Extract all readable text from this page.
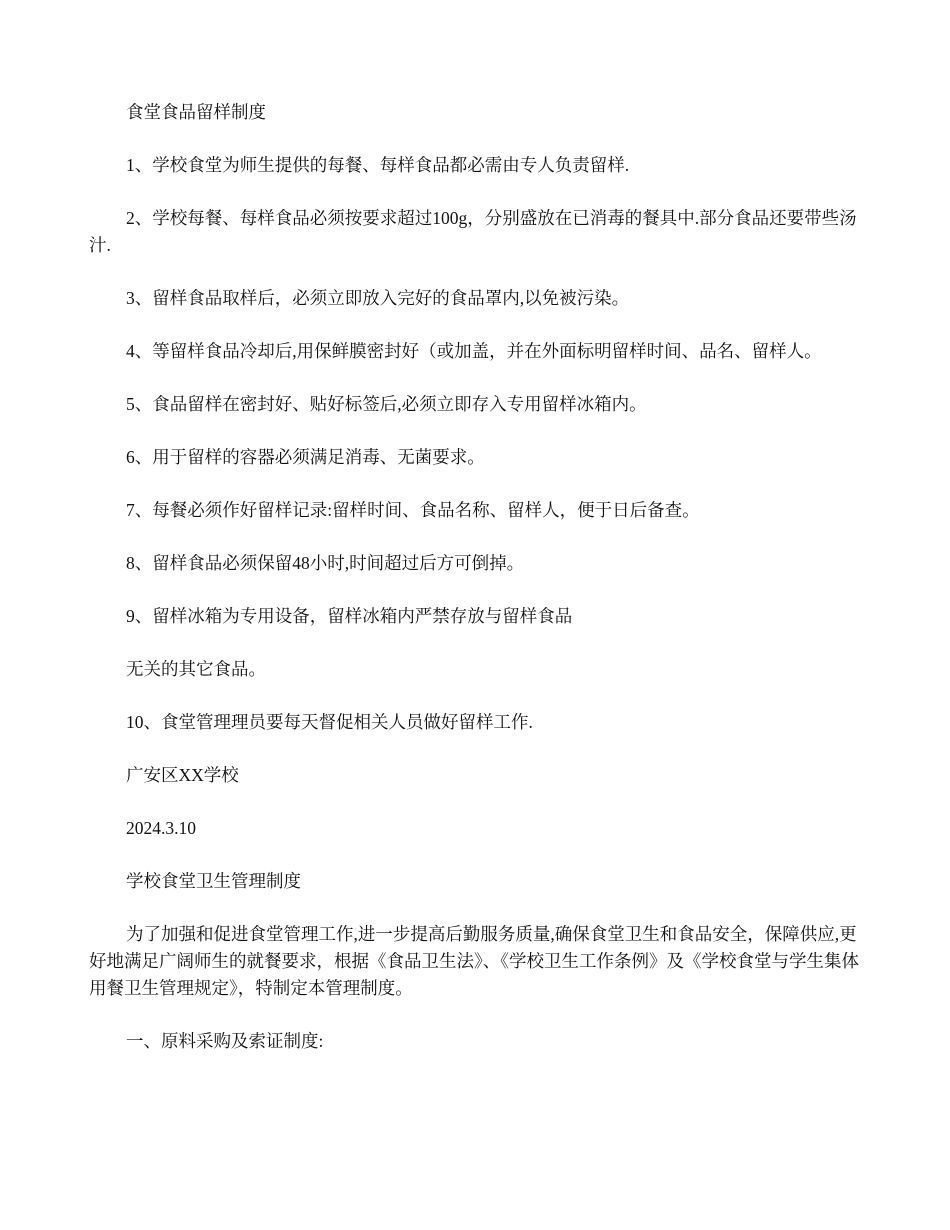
食堂食品留样制度

1、学校食堂为师生提供的每餐、每样食品都必需由专人负责留样.

2、学校每餐、每样食品必须按要求超过100g，分别盛放在已消毒的餐具中.部分食品还要带些汤汁.

3、留样食品取样后，必须立即放入完好的食品罩内,以免被污染。

4、等留样食品冷却后,用保鲜膜密封好（或加盖，并在外面标明留样时间、品名、留样人。

5、食品留样在密封好、贴好标签后,必须立即存入专用留样冰箱内。

6、用于留样的容器必须满足消毒、无菌要求。

7、每餐必须作好留样记录:留样时间、食品名称、留样人，便于日后备查。

8、留样食品必须保留48小时,时间超过后方可倒掉。

9、留样冰箱为专用设备，留样冰箱内严禁存放与留样食品

无关的其它食品。

10、食堂管理理员要每天督促相关人员做好留样工作.

广安区XX学校

2024.3.10

学校食堂卫生管理制度

为了加强和促进食堂管理工作,进一步提高后勤服务质量,确保食堂卫生和食品安全，保障供应,更好地满足广阔师生的就餐要求，根据《食品卫生法》、《学校卫生工作条例》及《学校食堂与学生集体用餐卫生管理规定》，特制定本管理制度。

一、原料采购及索证制度:
